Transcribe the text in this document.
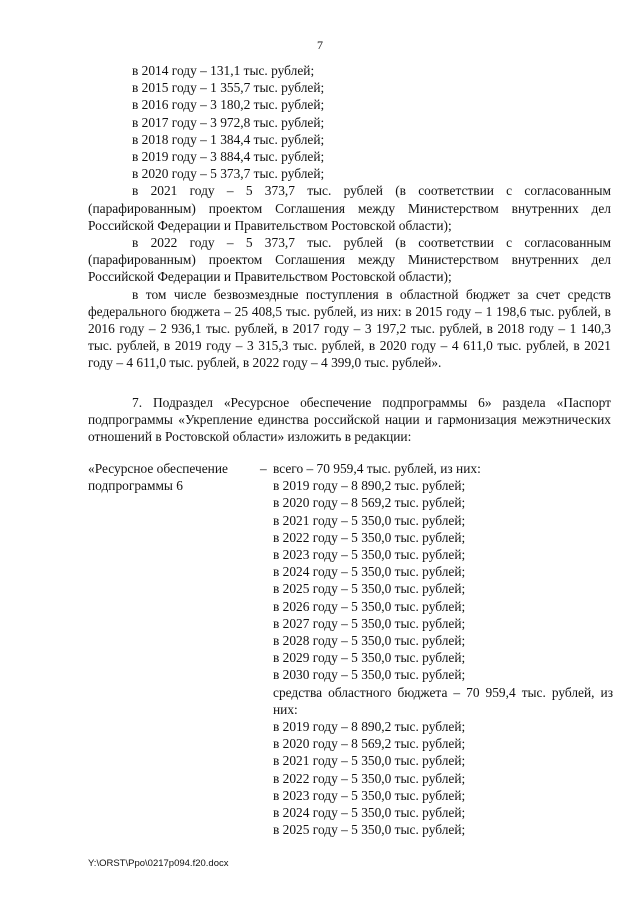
7

в 2014 году – 131,1 тыс. рублей;

в 2015 году – 1 355,7 тыс. рублей;

в 2016 году – 3 180,2 тыс. рублей;

в 2017 году – 3 972,8 тыс. рублей;

в 2018 году – 1 384,4 тыс. рублей;

в 2019 году – 3 884,4 тыс. рублей;

в 2020 году – 5 373,7 тыс. рублей;

в 2021 году – 5 373,7 тыс. рублей (в соответствии с согласованным (парафированным) проектом Соглашения между Министерством внутренних дел Российской Федерации и Правительством Ростовской области);

в 2022 году – 5 373,7 тыс. рублей (в соответствии с согласованным (парафированным) проектом Соглашения между Министерством внутренних дел Российской Федерации и Правительством Ростовской области);

в том числе безвозмездные поступления в областной бюджет за счет средств федерального бюджета – 25 408,5 тыс. рублей, из них: в 2015 году – 1 198,6 тыс. рублей, в 2016 году – 2 936,1 тыс. рублей, в 2017 году – 3 197,2 тыс. рублей, в 2018 году – 1 140,3 тыс. рублей, в 2019 году – 3 315,3 тыс. рублей, в 2020 году – 4 611,0 тыс. рублей, в 2021 году – 4 611,0 тыс. рублей, в 2022 году – 4 399,0 тыс. рублей».

7. Подраздел «Ресурсное обеспечение подпрограммы 6» раздела «Паспорт подпрограммы «Укрепление единства российской нации и гармонизация межэтнических отношений в Ростовской области» изложить в редакции:

«Ресурсное обеспечение подпрограммы 6
– всего – 70 959,4 тыс. рублей, из них:

в 2019 году – 8 890,2 тыс. рублей;

в 2020 году – 8 569,2 тыс. рублей;

в 2021 году – 5 350,0 тыс. рублей;

в 2022 году – 5 350,0 тыс. рублей;

в 2023 году – 5 350,0 тыс. рублей;

в 2024 году – 5 350,0 тыс. рублей;

в 2025 году – 5 350,0 тыс. рублей;

в 2026 году – 5 350,0 тыс. рублей;

в 2027 году – 5 350,0 тыс. рублей;

в 2028 году – 5 350,0 тыс. рублей;

в 2029 году – 5 350,0 тыс. рублей;

в 2030 году – 5 350,0 тыс. рублей;

средства областного бюджета – 70 959,4 тыс. рублей, из них:

в 2019 году – 8 890,2 тыс. рублей;

в 2020 году – 8 569,2 тыс. рублей;

в 2021 году – 5 350,0 тыс. рублей;

в 2022 году – 5 350,0 тыс. рублей;

в 2023 году – 5 350,0 тыс. рублей;

в 2024 году – 5 350,0 тыс. рублей;

в 2025 году – 5 350,0 тыс. рублей;

Y:\ORST\Ppo\0217p094.f20.docx
